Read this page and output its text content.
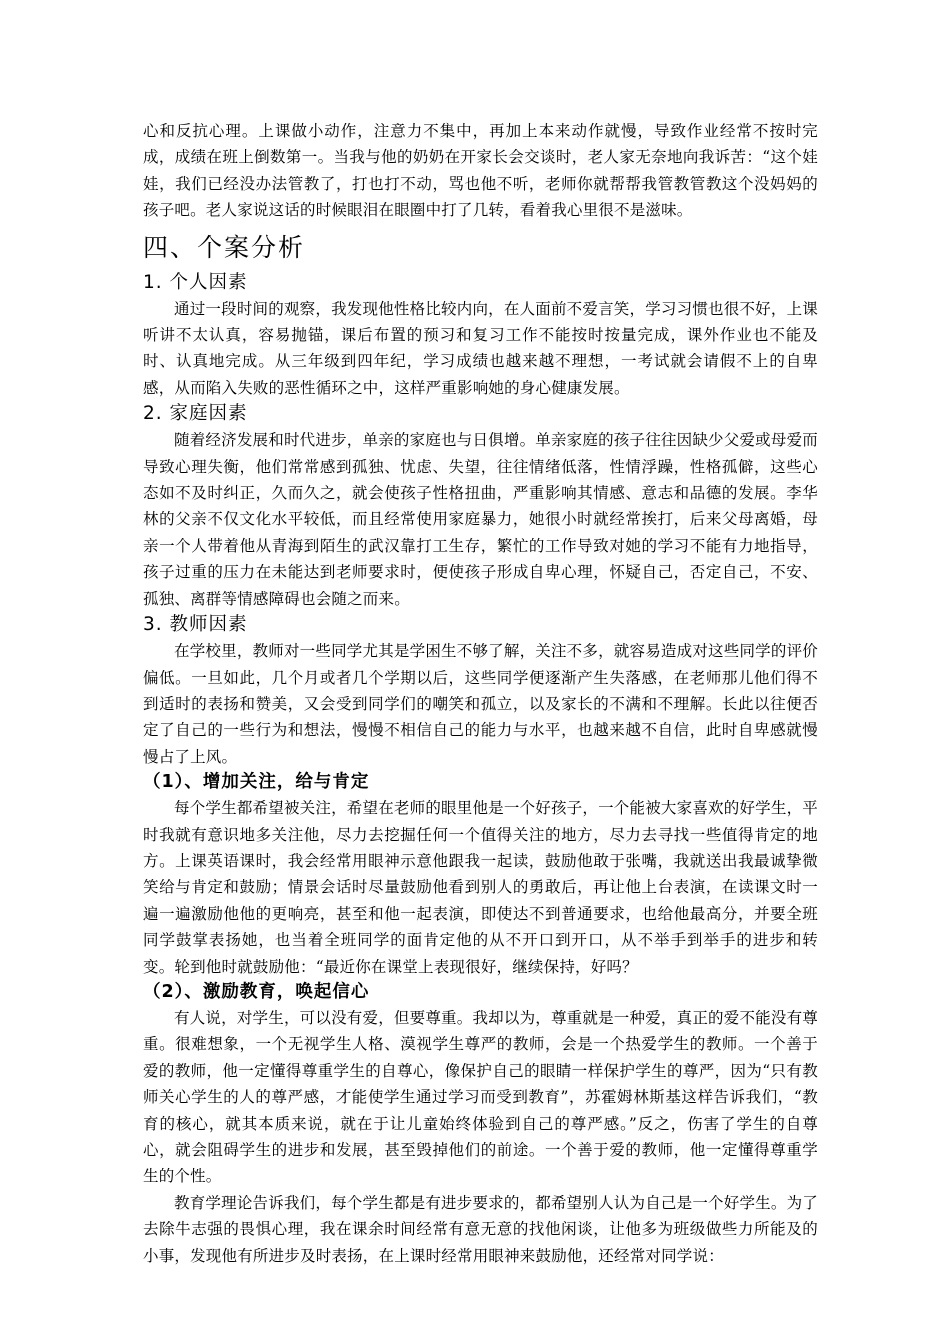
心和反抗心理。上课做小动作，注意力不集中，再加上本来动作就慢，导致作业经常不按时完成，成绩在班上倒数第一。当我与他的奶奶在开家长会交谈时，老人家无奈地向我诉苦：“这个娃娃，我们已经没办法管教了，打也打不动，骂也他不听，老师你就帮帮我管教管教这个没妈妈的孩子吧。老人家说这话的时候眼泪在眼圈中打了几转，看着我心里很不是滋味。

四、个案分析
1. 个人因素

通过一段时间的观察，我发现他性格比较内向，在人面前不爱言笑，学习习惯也很不好，上课听讲不太认真，容易抛锚，课后布置的预习和复习工作不能按时按量完成，课外作业也不能及时、认真地完成。从三年级到四年纪，学习成绩也越来越不理想，一考试就会请假不上的自卑感，从而陷入失败的恶性循环之中，这样严重影响她的身心健康发展。

2. 家庭因素

随着经济发展和时代进步，单亲的家庭也与日俱增。单亲家庭的孩子往往因缺少父爱或母爱而导致心理失衡，他们常常感到孤独、忧虑、失望，往往情绪低落，性情浮躁，性格孤僻，这些心态如不及时纠正，久而久之，就会使孩子性格扭曲，严重影响其情感、意志和品德的发展。李华林的父亲不仅文化水平较低，而且经常使用家庭暴力，她很小时就经常挨打，后来父母离婚，母亲一个人带着他从青海到陌生的武汉靠打工生存，繁忙的工作导致对她的学习不能有力地指导，孩子过重的压力在未能达到老师要求时，便使孩子形成自卑心理，怀疑自己，否定自己，不安、孤独、离群等情感障碍也会随之而来。

3. 教师因素

在学校里，教师对一些同学尤其是学困生不够了解，关注不多，就容易造成对这些同学的评价偏低。一旦如此，几个月或者几个学期以后，这些同学便逐渐产生失落感，在老师那儿他们得不到适时的表扬和赞美，又会受到同学们的嘲笑和孤立，以及家长的不满和不理解。长此以往便否定了自己的一些行为和想法，慢慢不相信自己的能力与水平，也越来越不自信，此时自卑感就慢慢占了上风。

（1）、增加关注，给与肯定

每个学生都希望被关注，希望在老师的眼里他是一个好孩子，一个能被大家喜欢的好学生，平时我就有意识地多关注他，尽力去挖掘任何一个值得关注的地方，尽力去寻找一些值得肯定的地方。上课英语课时，我会经常用眼神示意他跟我一起读，鼓励他敢于张嘴，我就送出我最诚挚微笑给与肯定和鼓励；情景会话时尽量鼓励他看到别人的勇敢后，再让他上台表演，在读课文时一遍一遍激励他他的更响亮，甚至和他一起表演，即使达不到普通要求，也给他最高分，并要全班同学鼓掌表扬她，也当着全班同学的面肯定他的从不开口到开口，从不举手到举手的进步和转变。轮到他时就鼓励他：“最近你在课堂上表现很好，继续保持，好吗？

（2）、激励教育，唤起信心

有人说，对学生，可以没有爱，但要尊重。我却以为，尊重就是一种爱，真正的爱不能没有尊重。很难想象，一个无视学生人格、漠视学生尊严的教师，会是一个热爱学生的教师。一个善于爱的教师，他一定懂得尊重学生的自尊心，像保护自己的眼睛一样保护学生的尊严，因为“只有教师关心学生的人的尊严感，才能使学生通过学习而受到教育”，苏霍姆林斯基这样告诉我们，“教育的核心，就其本质来说，就在于让儿童始终体验到自己的尊严感。”反之，伤害了学生的自尊心，就会阻碍学生的进步和发展，甚至毁掉他们的前途。一个善于爱的教师，他一定懂得尊重学生的个性。

教育学理论告诉我们，每个学生都是有进步要求的，都希望别人认为自己是一个好学生。为了去除牛志强的畏惧心理，我在课余时间经常有意无意的找他闲谈，让他多为班级做些力所能及的小事，发现他有所进步及时表扬，在上课时经常用眼神来鼓励他，还经常对同学说：
